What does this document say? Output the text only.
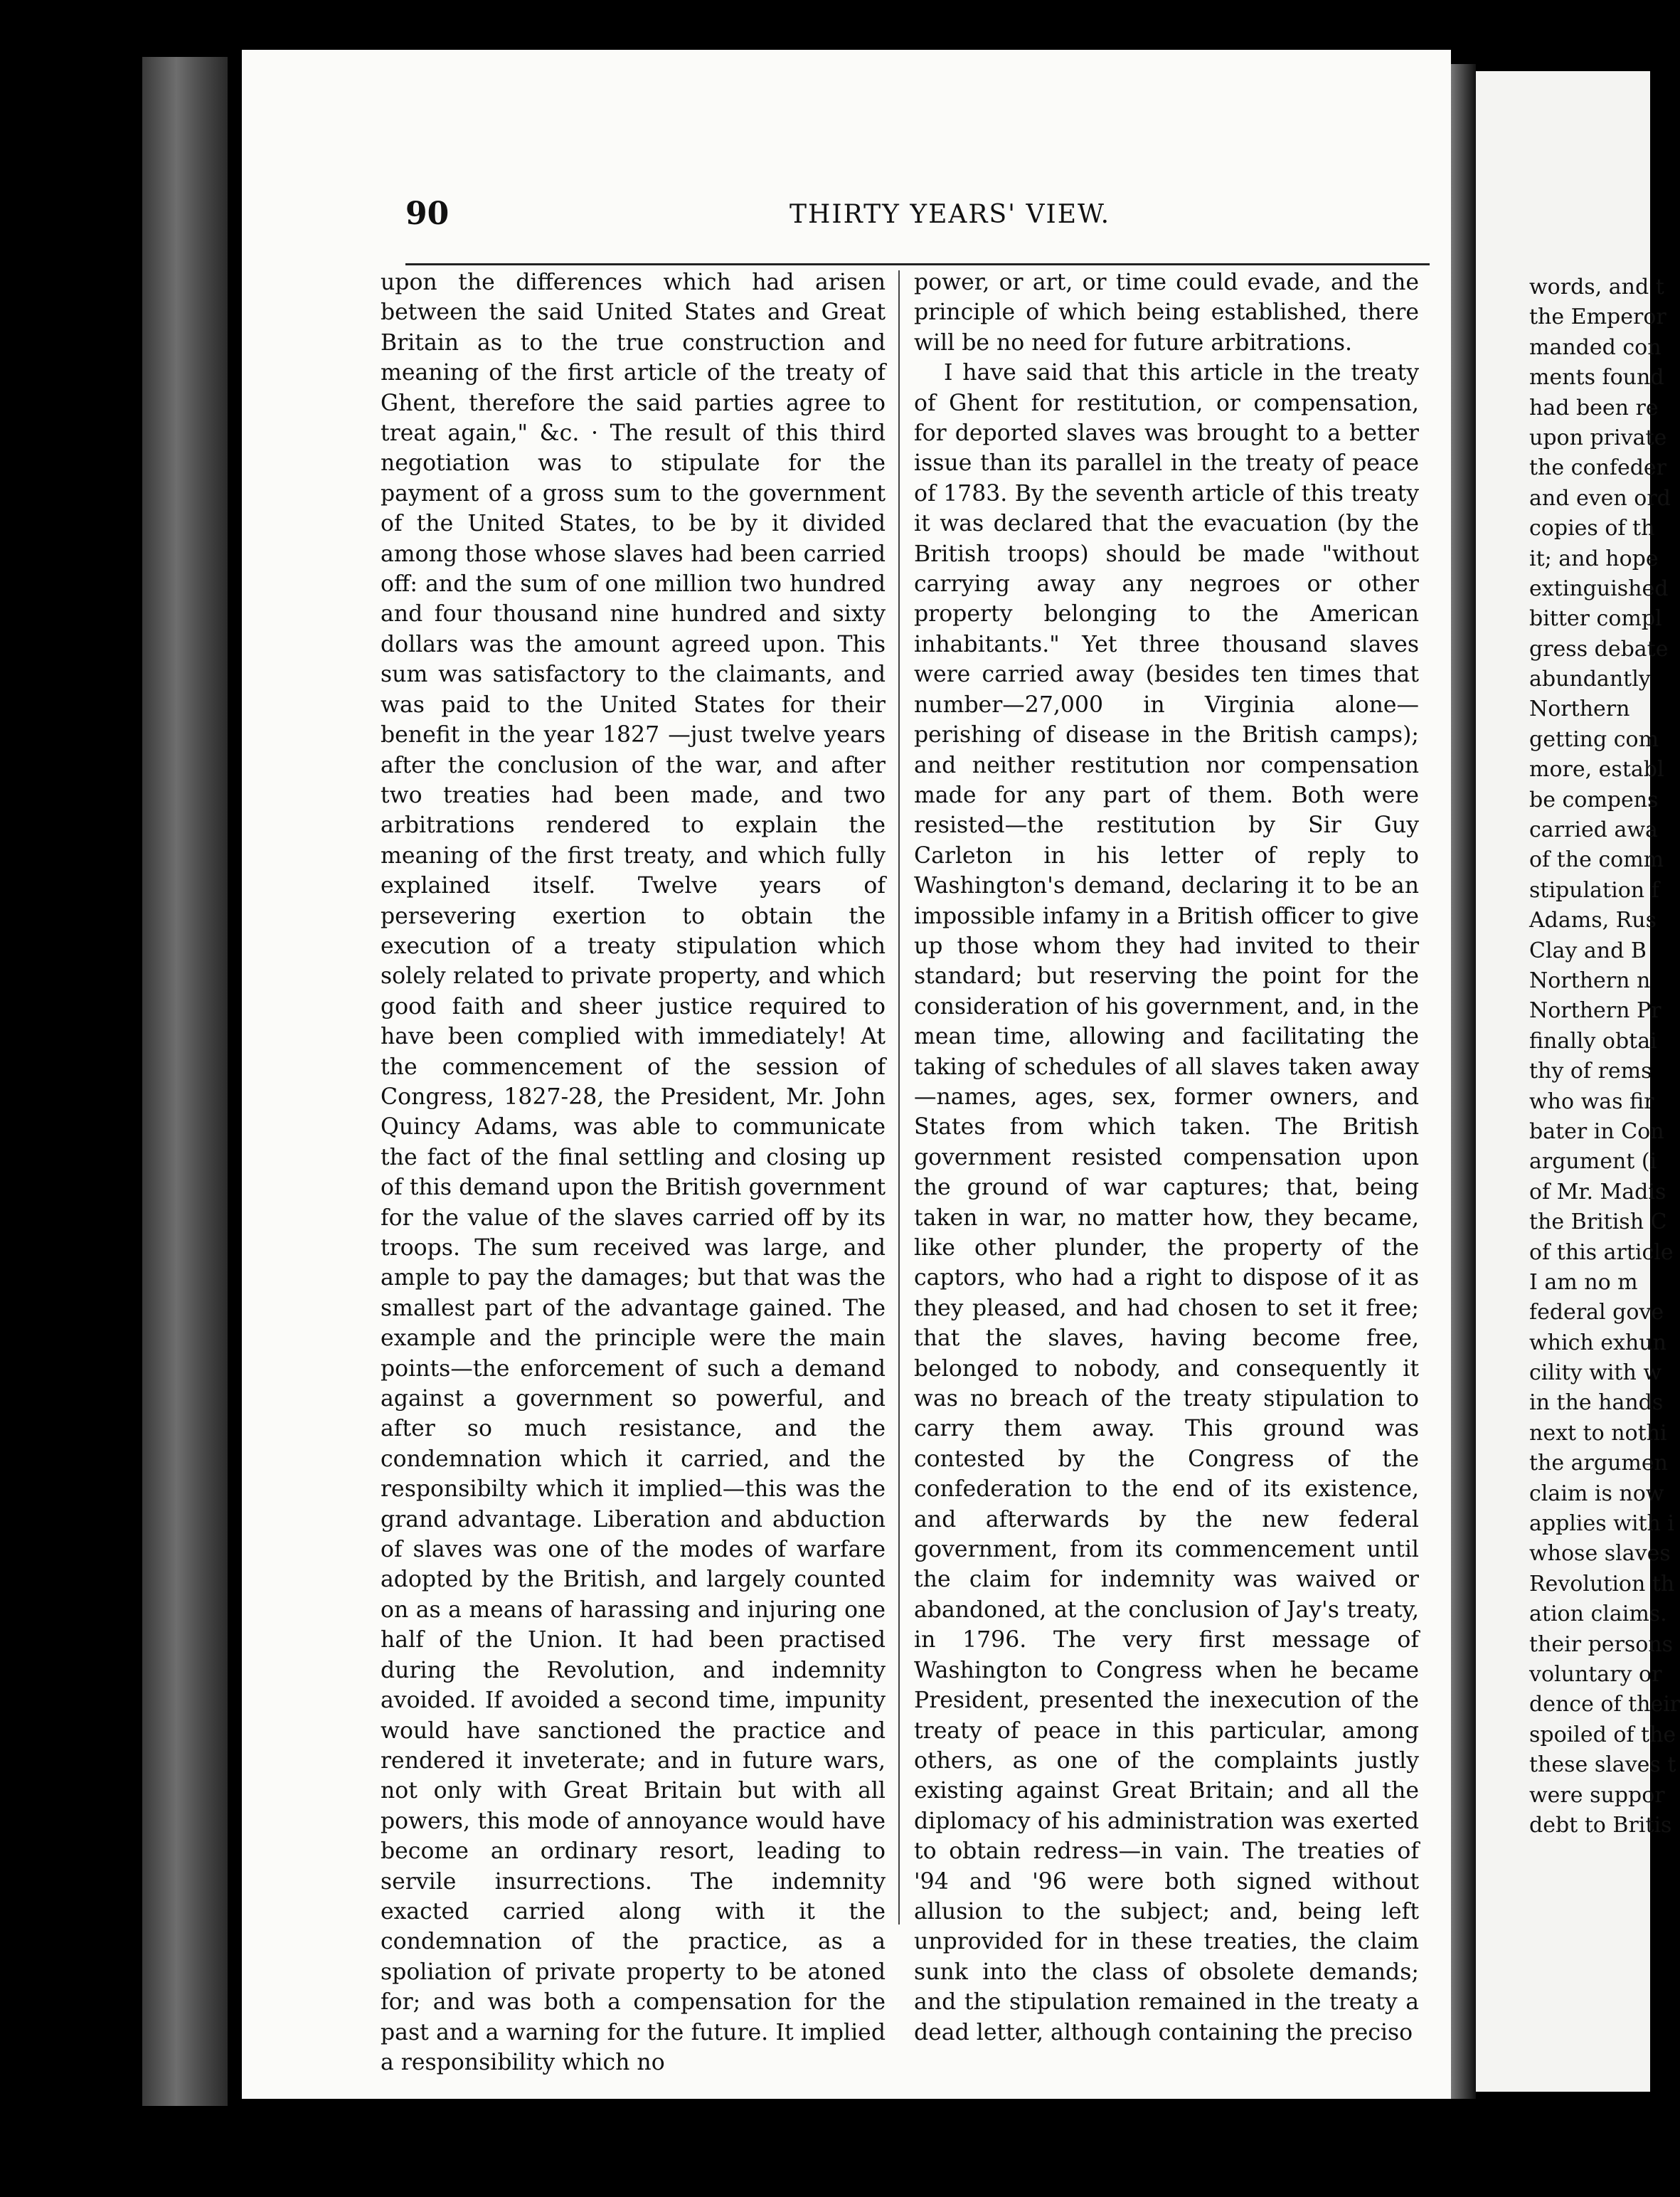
90	THIRTY YEARS' VIEW.

upon the differences which had arisen between the said United States and Great Britain as to the true construction and meaning of the first article of the treaty of Ghent, therefore the said parties agree to treat again," &c. · The result of this third negotiation was to stipulate for the payment of a gross sum to the government of the United States, to be by it divided among those whose slaves had been carried off: and the sum of one million two hundred and four thousand nine hundred and sixty dollars was the amount agreed upon. This sum was satisfactory to the claimants, and was paid to the United States for their benefit in the year 1827 —just twelve years after the conclusion of the war, and after two treaties had been made, and two arbitrations rendered to explain the meaning of the first treaty, and which fully explained itself. Twelve years of persevering exertion to obtain the execution of a treaty stipulation which solely related to private property, and which good faith and sheer justice required to have been complied with immediately! At the commencement of the session of Congress, 1827-28, the President, Mr. John Quincy Adams, was able to communicate the fact of the final settling and closing up of this demand upon the British government for the value of the slaves carried off by its troops. The sum received was large, and ample to pay the damages; but that was the smallest part of the advantage gained. The example and the principle were the main points—the enforcement of such a demand against a government so powerful, and after so much resistance, and the condemnation which it carried, and the responsibilty which it implied—this was the grand advantage. Liberation and abduction of slaves was one of the modes of warfare adopted by the British, and largely counted on as a means of harassing and injuring one half of the Union. It had been practised during the Revolution, and indemnity avoided. If avoided a second time, impunity would have sanctioned the practice and rendered it inveterate; and in future wars, not only with Great Britain but with all powers, this mode of annoyance would have become an ordinary resort, leading to servile insurrections. The indemnity exacted carried along with it the condemnation of the practice, as a spoliation of private property to be atoned for; and was both a compensation for the past and a warning for the future. It implied a responsibility which no

power, or art, or time could evade, and the principle of which being established, there will be no need for future arbitrations.

I have said that this article in the treaty of Ghent for restitution, or compensation, for deported slaves was brought to a better issue than its parallel in the treaty of peace of 1783. By the seventh article of this treaty it was declared that the evacuation (by the British troops) should be made "without carrying away any negroes or other property belonging to the American inhabitants." Yet three thousand slaves were carried away (besides ten times that number—27,000 in Virginia alone—perishing of disease in the British camps); and neither restitution nor compensation made for any part of them. Both were resisted—the restitution by Sir Guy Carleton in his letter of reply to Washington's demand, declaring it to be an impossible infamy in a British officer to give up those whom they had invited to their standard; but reserving the point for the consideration of his government, and, in the mean time, allowing and facilitating the taking of schedules of all slaves taken away—names, ages, sex, former owners, and States from which taken. The British government resisted compensation upon the ground of war captures; that, being taken in war, no matter how, they became, like other plunder, the property of the captors, who had a right to dispose of it as they pleased, and had chosen to set it free; that the slaves, having become free, belonged to nobody, and consequently it was no breach of the treaty stipulation to carry them away. This ground was contested by the Congress of the confederation to the end of its existence, and afterwards by the new federal government, from its commencement until the claim for indemnity was waived or abandoned, at the conclusion of Jay's treaty, in 1796. The very first message of Washington to Congress when he became President, presented the inexecution of the treaty of peace in this particular, among others, as one of the complaints justly existing against Great Britain; and all the diplomacy of his administration was exerted to obtain redress—in vain. The treaties of '94 and '96 were both signed without allusion to the subject; and, being left unprovided for in these treaties, the claim sunk into the class of obsolete demands; and the stipulation remained in the treaty a dead letter, although containing the preciso

words, and t
the Emperor
manded con
ments found
had been re
upon private
the confeder
and even ord
copies of th
it; and hope
extinguished
bitter compl
gress debate
abundantly
Northern
getting com
more, establ
be compens
carried awa
of the comm
stipulation f
Adams, Rus
Clay and B
Northern n
Northern Pr
finally obtai
thy of rems
who was fir
bater in Con
argument (i
of Mr. Madis
the British C
of this article
I am no m
federal gove
which exhun
cility with w
in the hands
next to nothi
the argumen
claim is now
applies with i
whose slaves
Revolution th
ation claims.
their persons
voluntary or
dence of their
spoiled of the
these slaves t
were suppor
debt to Britis
